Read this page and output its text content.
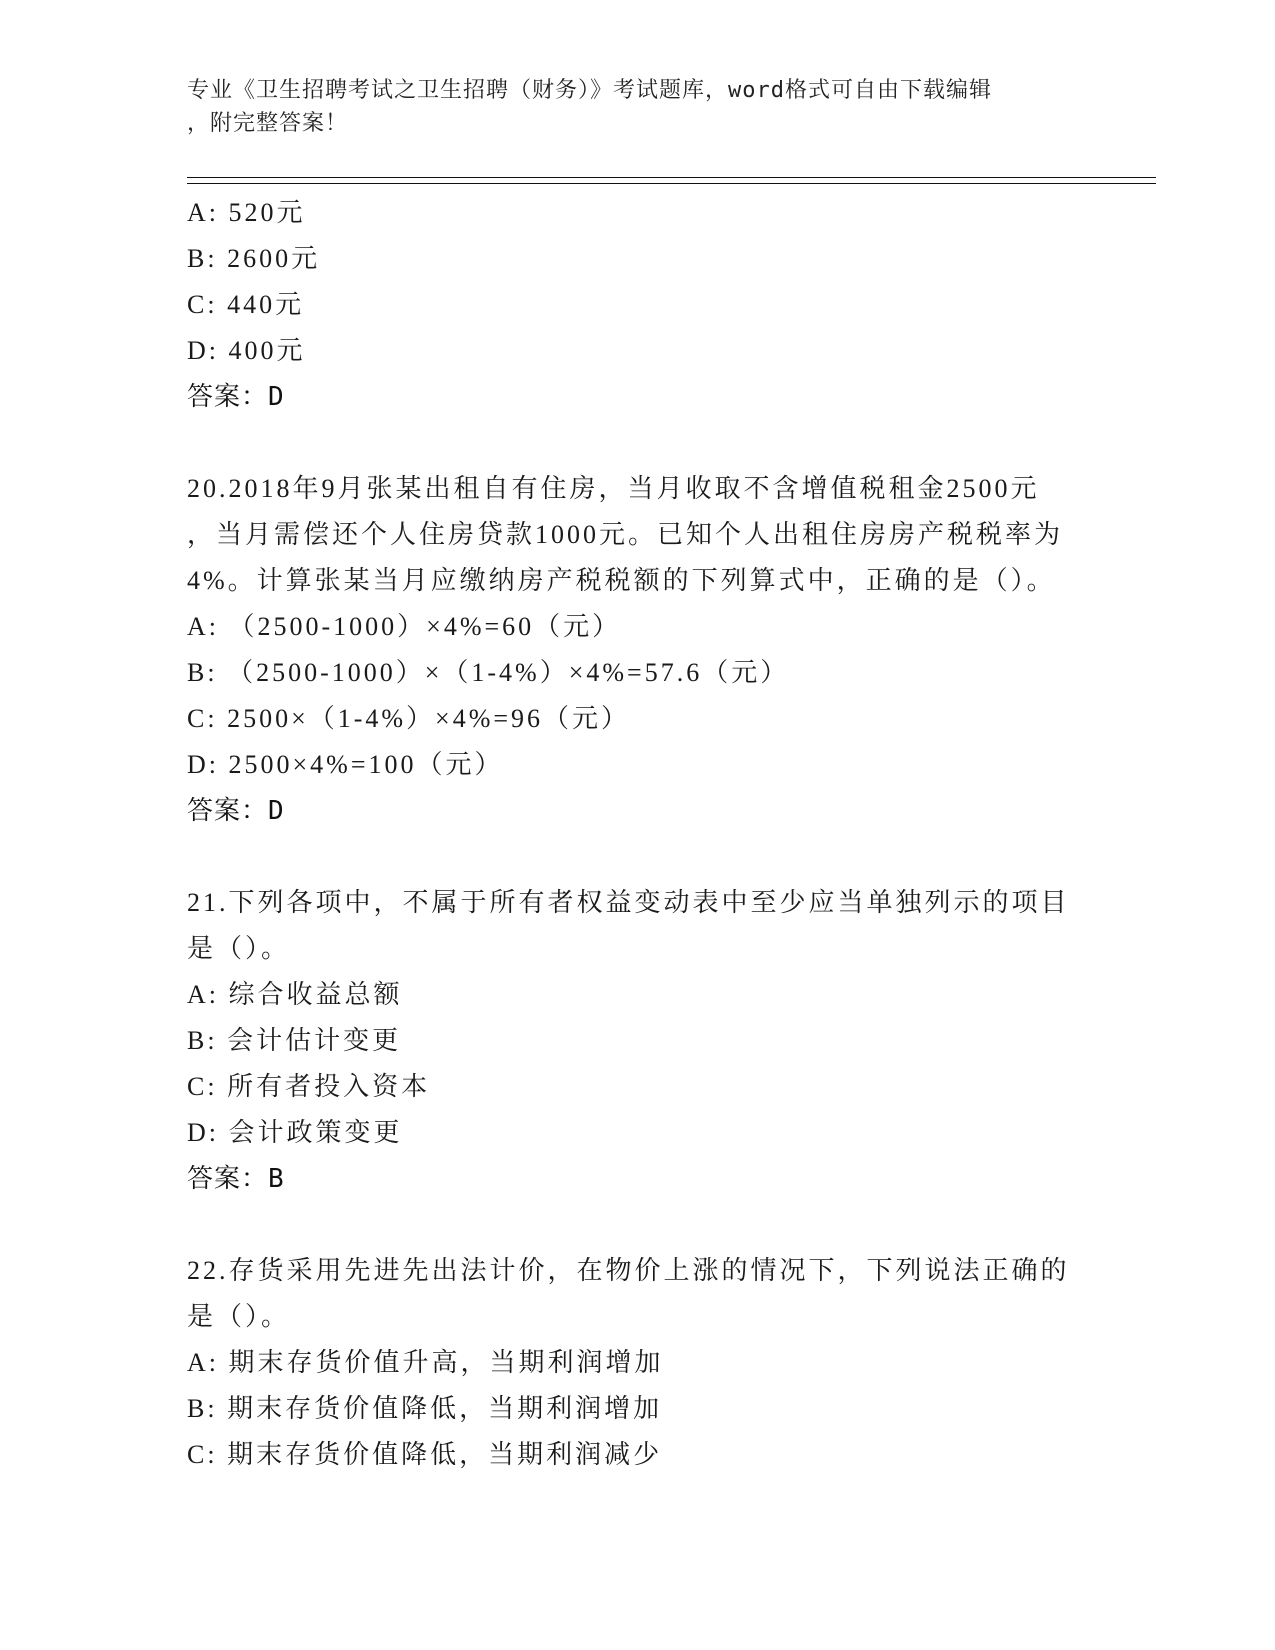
专业《卫生招聘考试之卫生招聘（财务）》考试题库，word格式可自由下载编辑
，附完整答案！
A: 520元
B: 2600元
C: 440元
D: 400元
答案：D
20.2018年9月张某出租自有住房，当月收取不含增值税租金2500元
，当月需偿还个人住房贷款1000元。已知个人出租住房房产税税率为
4%。计算张某当月应缴纳房产税税额的下列算式中，正确的是（）。
A: （2500-1000）×4%=60（元）
B: （2500-1000）×（1-4%）×4%=57.6（元）
C: 2500×（1-4%）×4%=96（元）
D: 2500×4%=100（元）
答案：D
21.下列各项中，不属于所有者权益变动表中至少应当单独列示的项目
是（）。
A: 综合收益总额
B: 会计估计变更
C: 所有者投入资本
D: 会计政策变更
答案：B
22.存货采用先进先出法计价，在物价上涨的情况下，下列说法正确的
是（）。
A: 期末存货价值升高，当期利润增加
B: 期末存货价值降低，当期利润增加
C: 期末存货价值降低，当期利润减少
